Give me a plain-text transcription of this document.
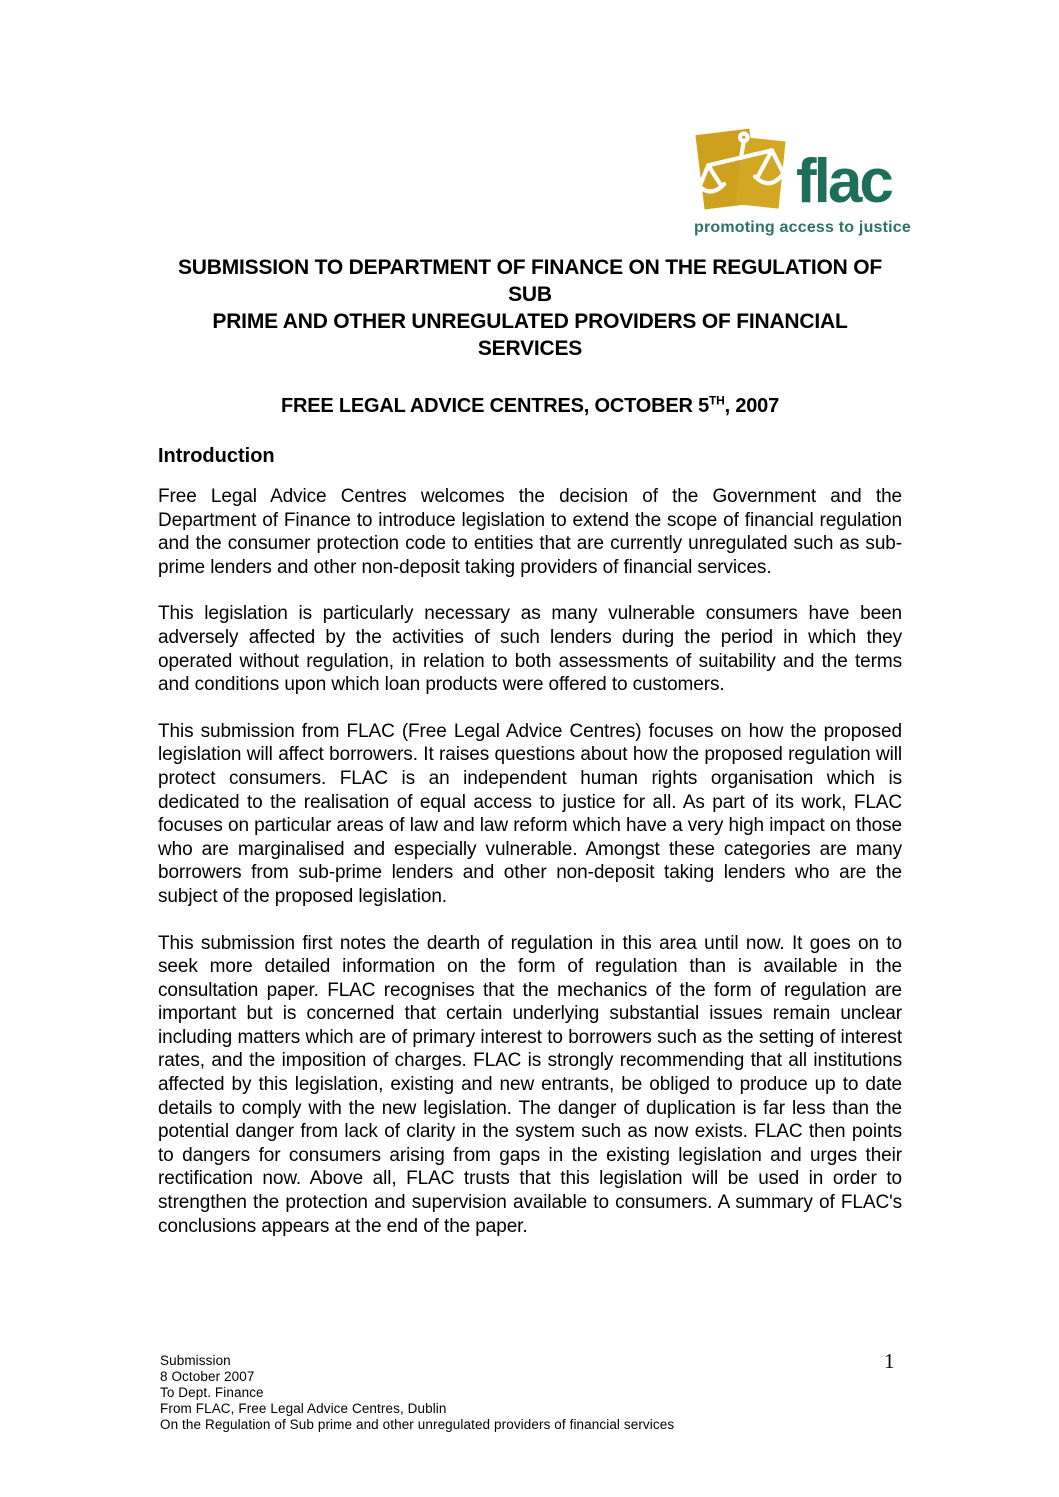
flac
promoting access to justice
SUBMISSION TO DEPARTMENT OF FINANCE ON THE REGULATION OF SUB
PRIME AND OTHER UNREGULATED PROVIDERS OF FINANCIAL SERVICES
FREE LEGAL ADVICE CENTRES, OCTOBER 5TH, 2007
Introduction

Free Legal Advice Centres welcomes the decision of the Government and the Department of Finance to introduce legislation to extend the scope of financial regulation and the consumer protection code to entities that are currently unregulated such as sub-prime lenders and other non-deposit taking providers of financial services.

This legislation is particularly necessary as many vulnerable consumers have been adversely affected by the activities of such lenders during the period in which they operated without regulation, in relation to both assessments of suitability and the terms and conditions upon which loan products were offered to customers.

This submission from FLAC (Free Legal Advice Centres) focuses on how the proposed legislation will affect borrowers. It raises questions about how the proposed regulation will protect consumers. FLAC is an independent human rights organisation which is dedicated to the realisation of equal access to justice for all. As part of its work, FLAC focuses on particular areas of law and law reform which have a very high impact on those who are marginalised and especially vulnerable. Amongst these categories are many borrowers from sub-prime lenders and other non-deposit taking lenders who are the subject of the proposed legislation.

This submission first notes the dearth of regulation in this area until now. It goes on to seek more detailed information on the form of regulation than is available in the consultation paper. FLAC recognises that the mechanics of the form of regulation are important but is concerned that certain underlying substantial issues remain unclear including matters which are of primary interest to borrowers such as the setting of interest rates, and the imposition of charges. FLAC is strongly recommending that all institutions affected by this legislation, existing and new entrants, be obliged to produce up to date details to comply with the new legislation. The danger of duplication is far less than the potential danger from lack of clarity in the system such as now exists. FLAC then points to dangers for consumers arising from gaps in the existing legislation and urges their rectification now. Above all, FLAC trusts that this legislation will be used in order to strengthen the protection and supervision available to consumers. A summary of FLAC's conclusions appears at the end of the paper.

Submission
8 October 2007
To Dept. Finance
From FLAC, Free Legal Advice Centres, Dublin
On the Regulation of Sub prime and other unregulated providers of financial services
1
